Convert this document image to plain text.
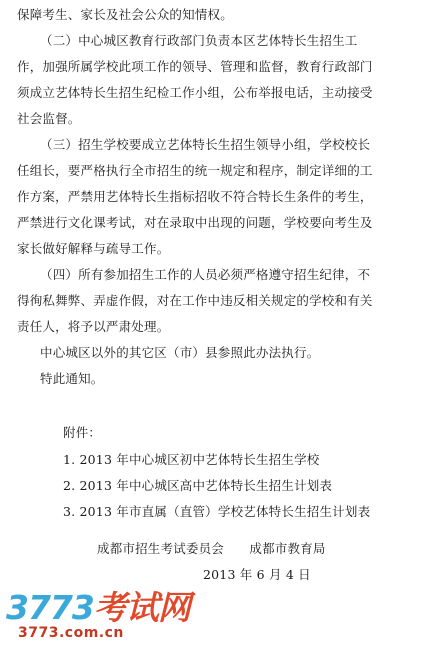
保障考生、家长及社会公众的知情权。
（二）中心城区教育行政部门负责本区艺体特长生招生工
作，加强所属学校此项工作的领导、管理和监督，教育行政部门
须成立艺体特长生招生纪检工作小组，公布举报电话，主动接受
社会监督。
（三）招生学校要成立艺体特长生招生领导小组，学校校长
任组长，要严格执行全市招生的统一规定和程序，制定详细的工
作方案，严禁用艺体特长生指标招收不符合特长生条件的考生，
严禁进行文化课考试，对在录取中出现的问题，学校要向考生及
家长做好解释与疏导工作。
（四）所有参加招生工作的人员必须严格遵守招生纪律，不
得徇私舞弊、弄虚作假，对在工作中违反相关规定的学校和有关
责任人，将予以严肃处理。
中心城区以外的其它区（市）县参照此办法执行。
特此通知。
附件：
1. 2013 年中心城区初中艺体特长生招生学校
2. 2013 年中心城区高中艺体特长生招生计划表
3. 2013 年市直属（直管）学校艺体特长生招生计划表
成都市招生考试委员会　　成都市教育局
2013 年 6 月 4 日
3773考试网
3773.com.cn
